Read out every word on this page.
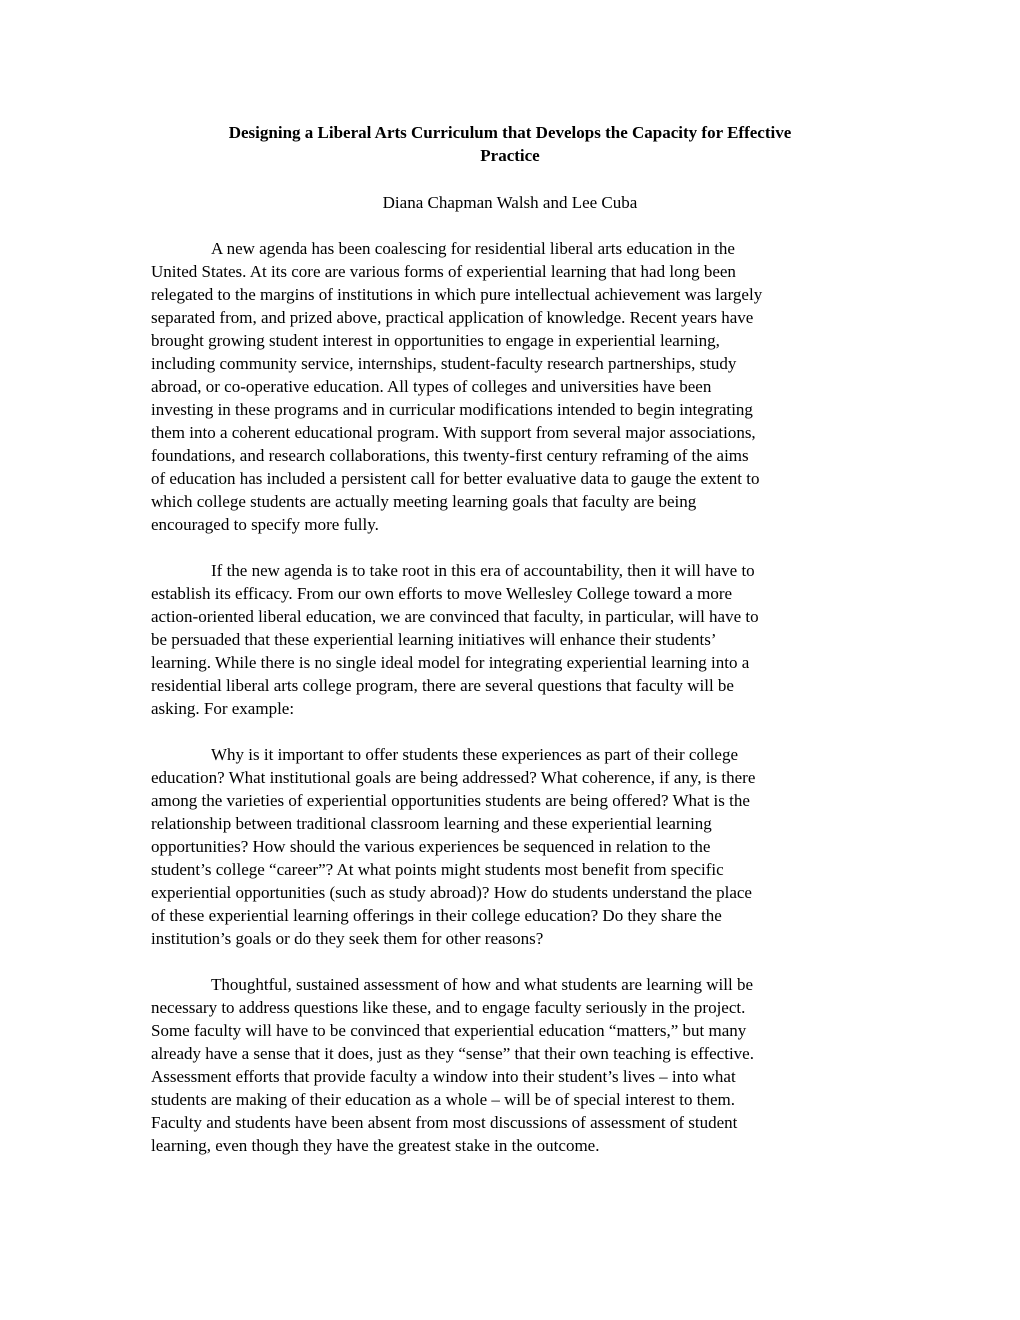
Designing a Liberal Arts Curriculum that Develops the Capacity for Effective
Practice

Diana Chapman Walsh and Lee Cuba

A new agenda has been coalescing for residential liberal arts education in the
United States. At its core are various forms of experiential learning that had long been
relegated to the margins of institutions in which pure intellectual achievement was largely
separated from, and prized above, practical application of knowledge. Recent years have
brought growing student interest in opportunities to engage in experiential learning,
including community service, internships, student-faculty research partnerships, study
abroad, or co-operative education. All types of colleges and universities have been
investing in these programs and in curricular modifications intended to begin integrating
them into a coherent educational program. With support from several major associations,
foundations, and research collaborations, this twenty-first century reframing of the aims
of education has included a persistent call for better evaluative data to gauge the extent to
which college students are actually meeting learning goals that faculty are being
encouraged to specify more fully.

If the new agenda is to take root in this era of accountability, then it will have to
establish its efficacy. From our own efforts to move Wellesley College toward a more
action-oriented liberal education, we are convinced that faculty, in particular, will have to
be persuaded that these experiential learning initiatives will enhance their students’
learning. While there is no single ideal model for integrating experiential learning into a
residential liberal arts college program, there are several questions that faculty will be
asking. For example:

Why is it important to offer students these experiences as part of their college
education? What institutional goals are being addressed? What coherence, if any, is there
among the varieties of experiential opportunities students are being offered? What is the
relationship between traditional classroom learning and these experiential learning
opportunities? How should the various experiences be sequenced in relation to the
student’s college “career”? At what points might students most benefit from specific
experiential opportunities (such as study abroad)? How do students understand the place
of these experiential learning offerings in their college education? Do they share the
institution’s goals or do they seek them for other reasons?

Thoughtful, sustained assessment of how and what students are learning will be
necessary to address questions like these, and to engage faculty seriously in the project.
Some faculty will have to be convinced that experiential education “matters,” but many
already have a sense that it does, just as they “sense” that their own teaching is effective.
Assessment efforts that provide faculty a window into their student’s lives – into what
students are making of their education as a whole – will be of special interest to them.
Faculty and students have been absent from most discussions of assessment of student
learning, even though they have the greatest stake in the outcome.
